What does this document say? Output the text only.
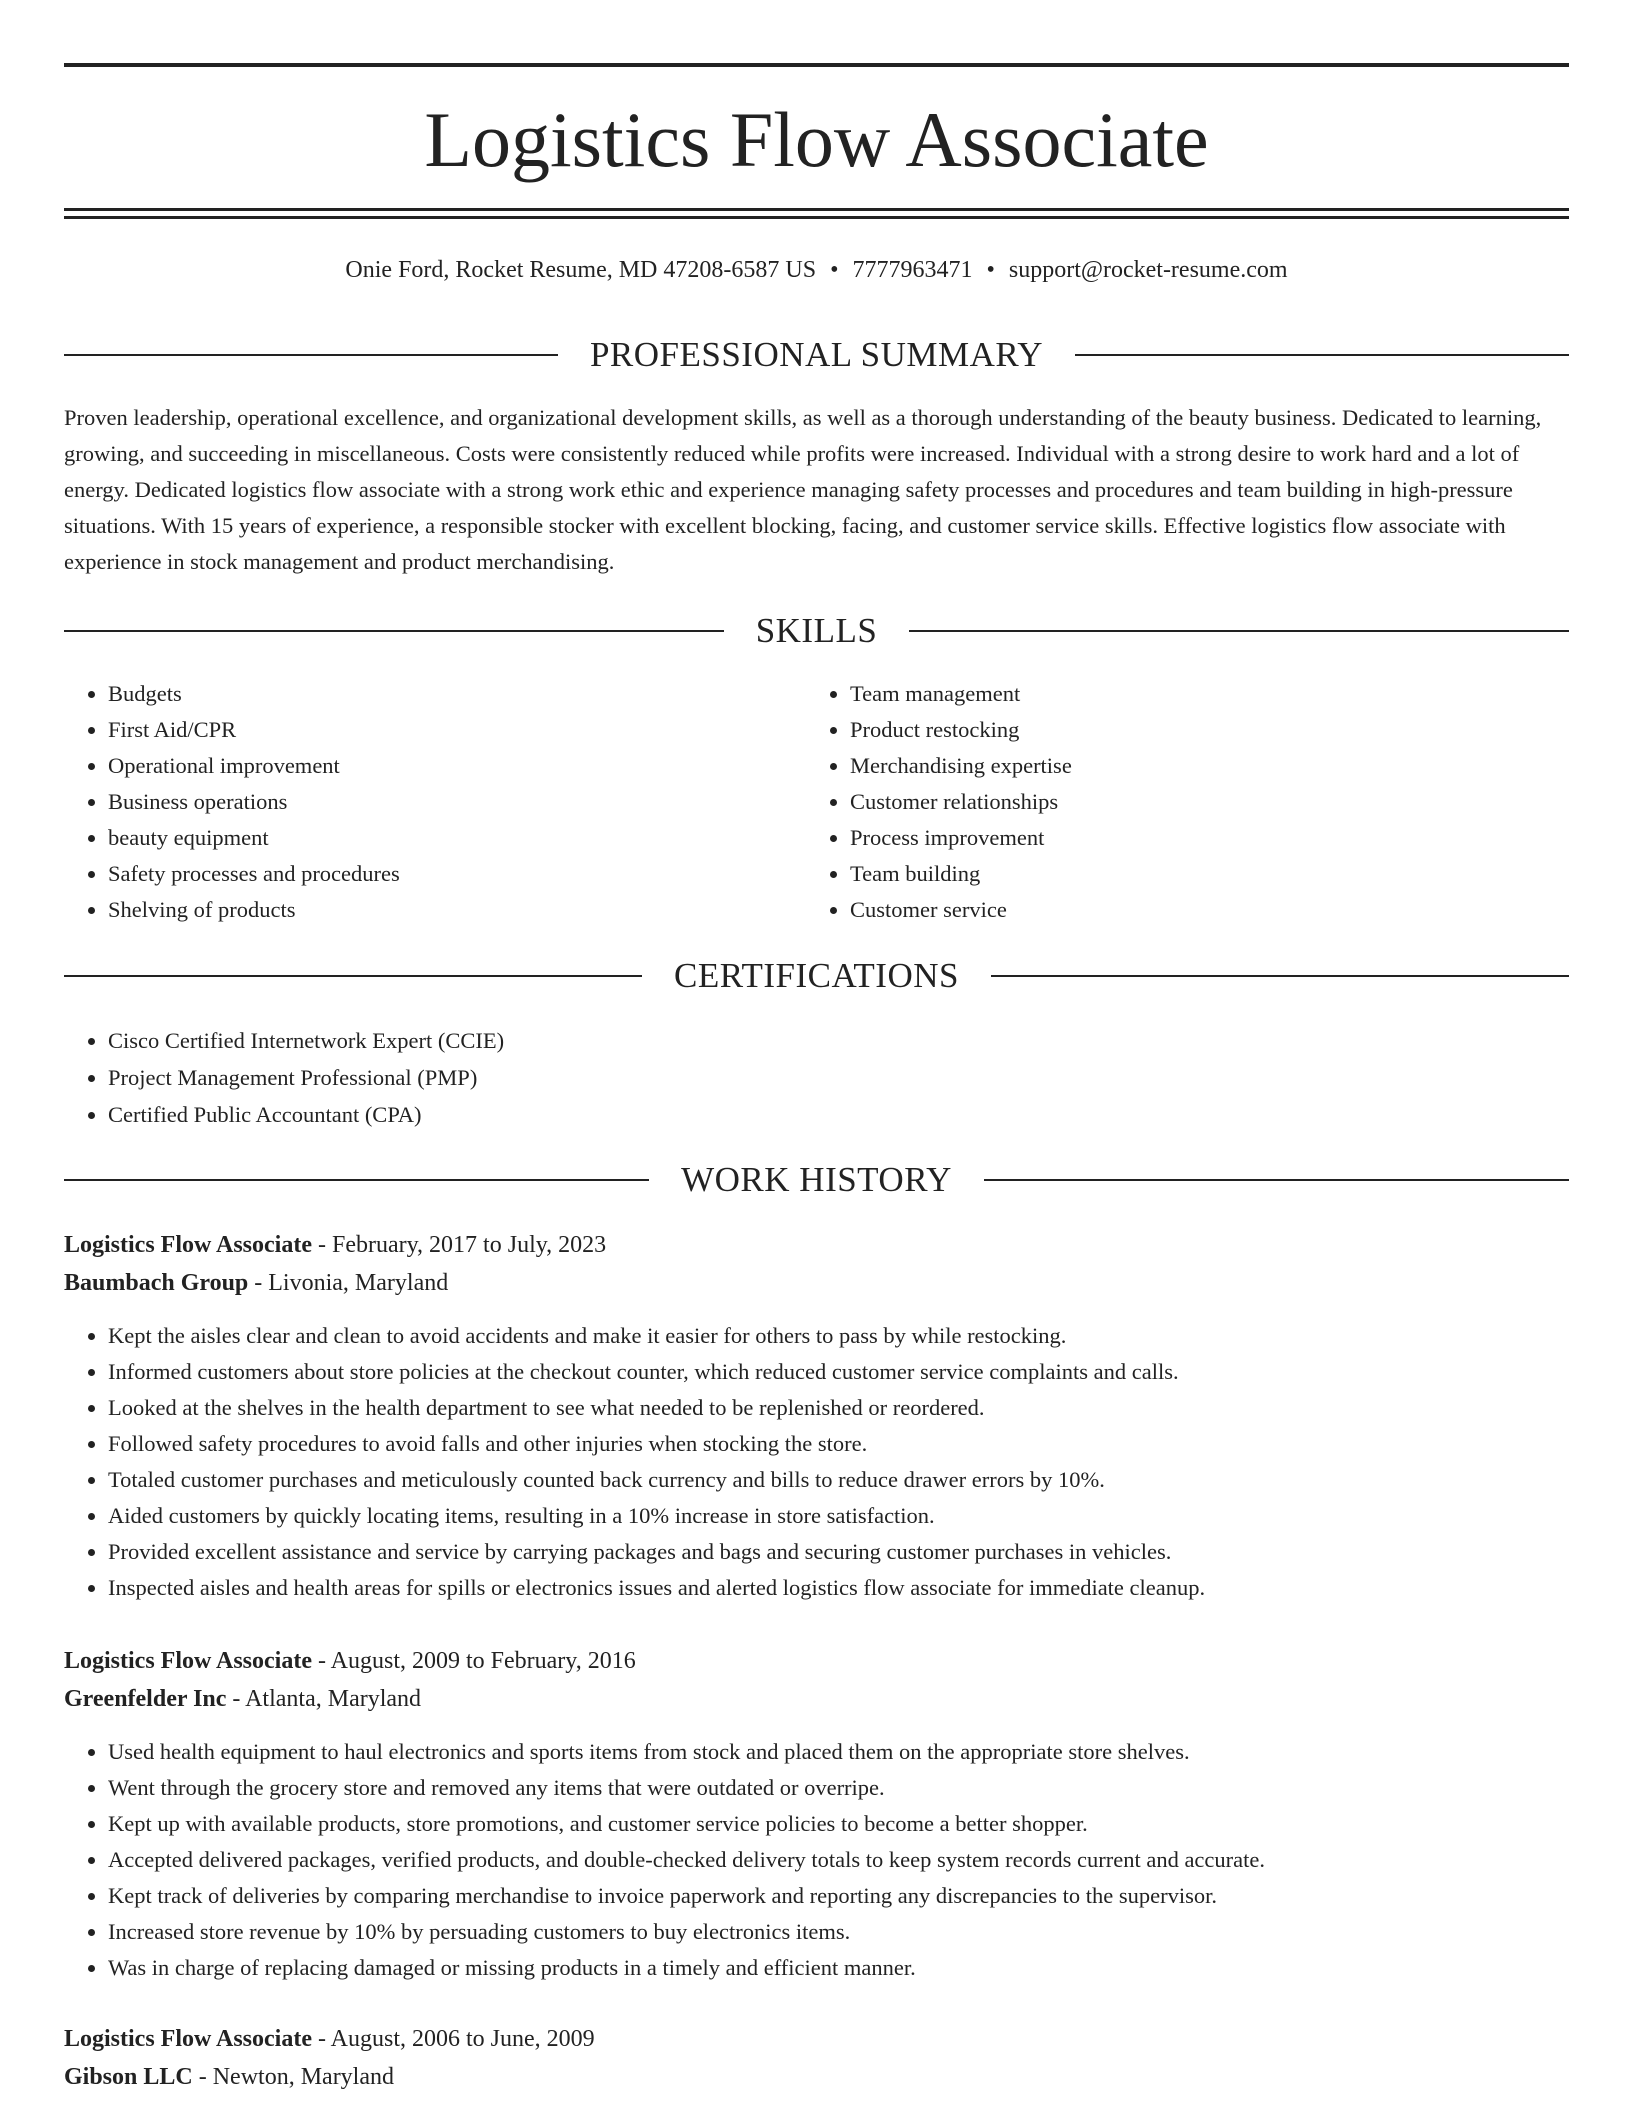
Logistics Flow Associate
Onie Ford, Rocket Resume, MD 47208-6587 US • 7777963471 • support@rocket-resume.com
PROFESSIONAL SUMMARY

Proven leadership, operational excellence, and organizational development skills, as well as a thorough understanding of the beauty business. Dedicated to learning, growing, and succeeding in miscellaneous. Costs were consistently reduced while profits were increased. Individual with a strong desire to work hard and a lot of energy. Dedicated logistics flow associate with a strong work ethic and experience managing safety processes and procedures and team building in high-pressure situations. With 15 years of experience, a responsible stocker with excellent blocking, facing, and customer service skills. Effective logistics flow associate with experience in stock management and product merchandising.

SKILLS
• Budgets
• First Aid/CPR
• Operational improvement
• Business operations
• beauty equipment
• Safety processes and procedures
• Shelving of products
• Team management
• Product restocking
• Merchandising expertise
• Customer relationships
• Process improvement
• Team building
• Customer service
CERTIFICATIONS
• Cisco Certified Internetwork Expert (CCIE)
• Project Management Professional (PMP)
• Certified Public Accountant (CPA)
WORK HISTORY
Logistics Flow Associate - February, 2017 to July, 2023
Baumbach Group - Livonia, Maryland
• Kept the aisles clear and clean to avoid accidents and make it easier for others to pass by while restocking.
• Informed customers about store policies at the checkout counter, which reduced customer service complaints and calls.
• Looked at the shelves in the health department to see what needed to be replenished or reordered.
• Followed safety procedures to avoid falls and other injuries when stocking the store.
• Totaled customer purchases and meticulously counted back currency and bills to reduce drawer errors by 10%.
• Aided customers by quickly locating items, resulting in a 10% increase in store satisfaction.
• Provided excellent assistance and service by carrying packages and bags and securing customer purchases in vehicles.
• Inspected aisles and health areas for spills or electronics issues and alerted logistics flow associate for immediate cleanup.
Logistics Flow Associate - August, 2009 to February, 2016
Greenfelder Inc - Atlanta, Maryland
• Used health equipment to haul electronics and sports items from stock and placed them on the appropriate store shelves.
• Went through the grocery store and removed any items that were outdated or overripe.
• Kept up with available products, store promotions, and customer service policies to become a better shopper.
• Accepted delivered packages, verified products, and double-checked delivery totals to keep system records current and accurate.
• Kept track of deliveries by comparing merchandise to invoice paperwork and reporting any discrepancies to the supervisor.
• Increased store revenue by 10% by persuading customers to buy electronics items.
• Was in charge of replacing damaged or missing products in a timely and efficient manner.
Logistics Flow Associate - August, 2006 to June, 2009
Gibson LLC - Newton, Maryland
